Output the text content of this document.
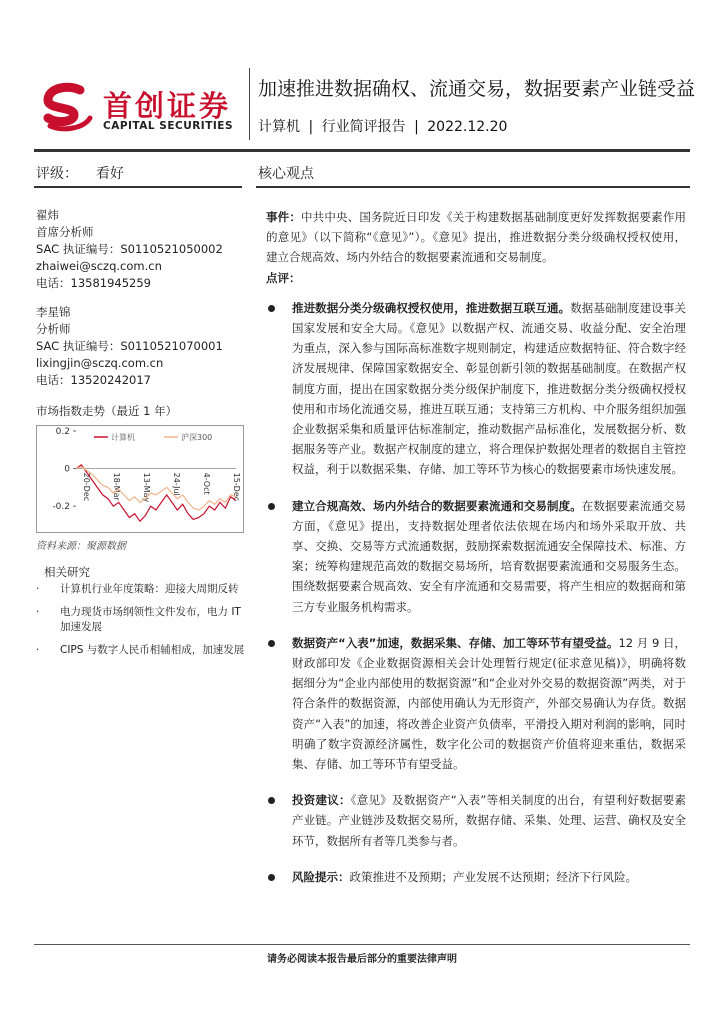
首创证券
CAPITAL SECURITIES
加速推进数据确权、流通交易，数据要素产业链受益
计算机 | 行业简评报告 | 2022.12.20
评级： 看好	核心观点
翟炜
首席分析师
SAC 执证编号：S0110521050002
zhaiwei@sczq.com.cn
电话：13581945259
李星锦
分析师
SAC 执证编号：S0110521070001
lixingjin@sczq.com.cn
电话：13520242017
市场指数走势（最近 1 年）
0.2
0
-0.2
20-Dec	18-Mar	13-May	24-Jul	4-Oct	15-Dec
计算机	沪深300
资料来源：聚源数据
相关研究
· 计算机行业年度策略：迎接大周期反转
· 电力现货市场纲领性文件发布，电力 IT 加速发展
· CIPS 与数字人民币相辅相成，加速发展

事件：中共中央、国务院近日印发《关于构建数据基础制度更好发挥数据要素作用的意见》（以下简称“《意见》”）。《意见》提出，推进数据分类分级确权授权使用，建立合规高效、场内外结合的数据要素流通和交易制度。

点评：

推进数据分类分级确权授权使用，推进数据互联互通。数据基础制度建设事关国家发展和安全大局。《意见》以数据产权、流通交易、收益分配、安全治理为重点，深入参与国际高标准数字规则制定，构建适应数据特征、符合数字经济发展规律、保障国家数据安全、彰显创新引领的数据基础制度。在数据产权制度方面，提出在国家数据分类分级保护制度下，推进数据分类分级确权授权使用和市场化流通交易，推进互联互通；支持第三方机构、中介服务组织加强企业数据采集和质量评估标准制定，推动数据产品标准化，发展数据分析、数据服务等产业。数据产权制度的建立，将合理保护数据处理者的数据自主管控权益，利于以数据采集、存储、加工等环节为核心的数据要素市场快速发展。
建立合规高效、场内外结合的数据要素流通和交易制度。在数据要素流通交易方面，《意见》提出，支持数据处理者依法依规在场内和场外采取开放、共享、交换、交易等方式流通数据，鼓励探索数据流通安全保障技术、标准、方案；统筹构建规范高效的数据交易场所，培育数据要素流通和交易服务生态。围绕数据要素合规高效、安全有序流通和交易需要，将产生相应的数据商和第三方专业服务机构需求。
数据资产“入表”加速，数据采集、存储、加工等环节有望受益。12 月 9 日，财政部印发《企业数据资源相关会计处理暂行规定(征求意见稿)》，明确将数据细分为“企业内部使用的数据资源”和“企业对外交易的数据资源”两类，对于符合条件的数据资源，内部使用确认为无形资产，外部交易确认为存货。数据资产“入表”的加速，将改善企业资产负债率，平滑投入期对利润的影响，同时明确了数字资源经济属性，数字化公司的数据资产价值将迎来重估，数据采集、存储、加工等环节有望受益。
投资建议：《意见》及数据资产“入表”等相关制度的出台，有望利好数据要素产业链。产业链涉及数据交易所，数据存储、采集、处理、运营、确权及安全环节，数据所有者等几类参与者。
风险提示：政策推进不及预期；产业发展不达预期；经济下行风险。
请务必阅读本报告最后部分的重要法律声明
